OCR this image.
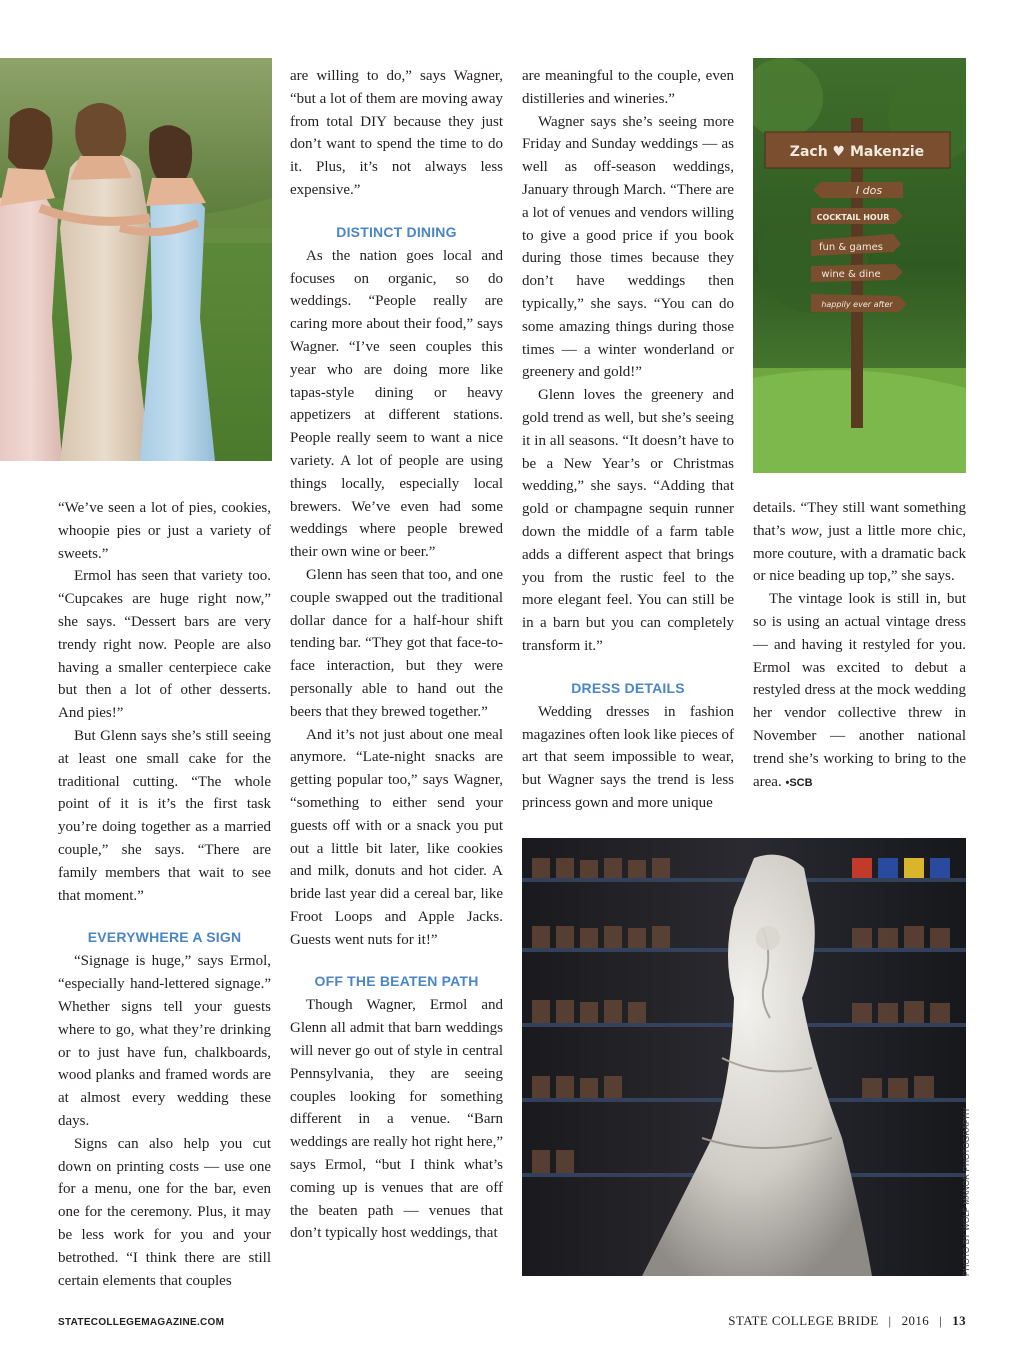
Zach ♥ Makenzie
I dos
COCKTAIL HOUR
fun & games
wine & dine
happily ever after
PHOTO BY WOLF MANOR PHOTOGRAPHY

“We’ve seen a lot of pies, cookies, whoopie pies or just a variety of sweets.”

Ermol has seen that variety too. “Cupcakes are huge right now,” she says. “Dessert bars are very trendy right now. People are also having a smaller centerpiece cake but then a lot of other desserts. And pies!”

But Glenn says she’s still seeing at least one small cake for the traditional cutting. “The whole point of it is it’s the first task you’re doing together as a married couple,” she says. “There are family members that wait to see that moment.”

EVERYWHERE A SIGN

“Signage is huge,” says Ermol, “especially hand-lettered signage.” Whether signs tell your guests where to go, what they’re drinking or to just have fun, chalkboards, wood planks and framed words are at almost every wedding these days.

Signs can also help you cut down on printing costs — use one for a menu, one for the bar, even one for the ceremony. Plus, it may be less work for you and your betrothed. “I think there are still certain elements that couples

are willing to do,” says Wagner, “but a lot of them are moving away from total DIY because they just don’t want to spend the time to do it. Plus, it’s not always less expensive.”

DISTINCT DINING

As the nation goes local and focuses on organic, so do weddings. “People really are caring more about their food,” says Wagner. “I’ve seen couples this year who are doing more like tapas-style dining or heavy appetizers at different stations. People really seem to want a nice variety. A lot of people are using things locally, especially local brewers. We’ve even had some weddings where people brewed their own wine or beer.”

Glenn has seen that too, and one couple swapped out the traditional dollar dance for a half-hour shift tending bar. “They got that face-to-face interaction, but they were personally able to hand out the beers that they brewed together.”

And it’s not just about one meal anymore. “Late-night snacks are getting popular too,” says Wagner, “something to either send your guests off with or a snack you put out a little bit later, like cookies and milk, donuts and hot cider. A bride last year did a cereal bar, like Froot Loops and Apple Jacks. Guests went nuts for it!”

OFF THE BEATEN PATH

Though Wagner, Ermol and Glenn all admit that barn weddings will never go out of style in central Pennsylvania, they are seeing couples looking for something different in a venue. “Barn weddings are really hot right here,” says Ermol, “but I think what’s coming up is venues that are off the beaten path — venues that don’t typically host weddings, that

are meaningful to the couple, even distilleries and wineries.”

Wagner says she’s seeing more Friday and Sunday weddings — as well as off-season weddings, January through March. “There are a lot of venues and vendors willing to give a good price if you book during those times because they don’t have weddings then typically,” she says. “You can do some amazing things during those times — a winter wonderland or greenery and gold!”

Glenn loves the greenery and gold trend as well, but she’s seeing it in all seasons. “It doesn’t have to be a New Year’s or Christmas wedding,” she says. “Adding that gold or champagne sequin runner down the middle of a farm table adds a different aspect that brings you from the rustic feel to the more elegant feel. You can still be in a barn but you can completely transform it.”

DRESS DETAILS

Wedding dresses in fashion magazines often look like pieces of art that seem impossible to wear, but Wagner says the trend is less princess gown and more unique

details. “They still want something that’s wow, just a little more chic, more couture, with a dramatic back or nice beading up top,” she says.

The vintage look is still in, but so is using an actual vintage dress — and having it restyled for you. Ermol was excited to debut a restyled dress at the mock wedding her vendor collective threw in November — another national trend she’s working to bring to the area. •SCB

STATECOLLEGEMAGAZINE.COM	STATE COLLEGE BRIDE | 2016 | 13
